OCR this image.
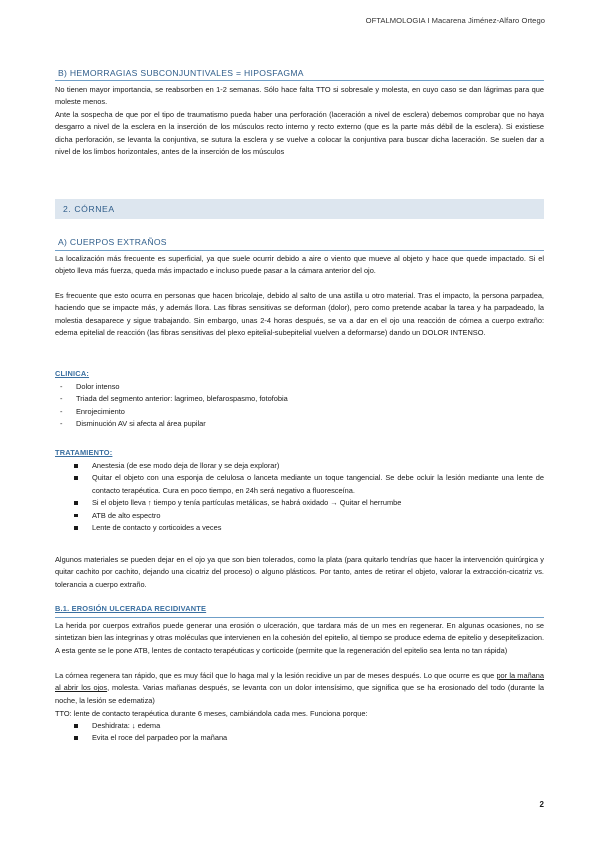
OFTALMOLOGIA I Macarena Jiménez-Alfaro Ortego
B) HEMORRAGIAS SUBCONJUNTIVALES = HIPOSFAGMA
No tienen mayor importancia, se reabsorben en 1-2 semanas. Sólo hace falta TTO si sobresale y molesta, en cuyo caso se dan lágrimas para que moleste menos.
Ante la sospecha de que por el tipo de traumatismo pueda haber una perforación (laceración a nivel de esclera) debemos comprobar que no haya desgarro a nivel de la esclera en la inserción de los músculos recto interno y recto externo (que es la parte más débil de la esclera). Si existiese dicha perforación, se levanta la conjuntiva, se sutura la esclera y se vuelve a colocar la conjuntiva para buscar dicha laceración. Se suelen dar a nivel de los limbos horizontales, antes de la inserción de los músculos
2. CÓRNEA
A) CUERPOS EXTRAÑOS
La localización más frecuente es superficial, ya que suele ocurrir debido a aire o viento que mueve al objeto y hace que quede impactado. Si el objeto lleva más fuerza, queda más impactado e incluso puede pasar a la cámara anterior del ojo.
Es frecuente que esto ocurra en personas que hacen bricolaje, debido al salto de una astilla u otro material. Tras el impacto, la persona parpadea, haciendo que se impacte más, y además llora. Las fibras sensitivas se deforman (dolor), pero como pretende acabar la tarea y ha parpadeado, la molestia desaparece y sigue trabajando. Sin embargo, unas 2-4 horas después, se va a dar en el ojo una reacción de córnea a cuerpo extraño: edema epitelial de reacción (las fibras sensitivas del plexo epitelial-subepitelial vuelven a deformarse) dando un DOLOR INTENSO.
CLINICA:
- Dolor intenso
- Triada del segmento anterior: lagrimeo, blefarospasmo, fotofobia
- Enrojecimiento
- Disminución AV si afecta al área pupilar
TRATAMIENTO:
Anestesia (de ese modo deja de llorar y se deja explorar)
Quitar el objeto con una esponja de celulosa o lanceta mediante un toque tangencial. Se debe ocluir la lesión mediante una lente de contacto terapéutica. Cura en poco tiempo, en 24h será negativo a fluoresceína.
Si el objeto lleva ↑ tiempo y tenía partículas metálicas, se habrá oxidado → Quitar el herrumbe
ATB de alto espectro
Lente de contacto y corticoides a veces
Algunos materiales se pueden dejar en el ojo ya que son bien tolerados, como la plata (para quitarlo tendrías que hacer la intervención quirúrgica y quitar cachito por cachito, dejando una cicatriz del proceso) o alguno plásticos. Por tanto, antes de retirar el objeto, valorar la extracción-cicatriz vs. tolerancia a cuerpo extraño.
B.1. EROSIÓN ULCERADA RECIDIVANTE
La herida por cuerpos extraños puede generar una erosión o ulceración, que tardara más de un mes en regenerar. En algunas ocasiones, no se sintetizan bien las integrinas y otras moléculas que intervienen en la cohesión del epitelio, al tiempo se produce edema de epitelio y desepitelizacion. A esta gente se le pone ATB, lentes de contacto terapéuticas y corticoide (permite que la regeneración del epitelio sea lenta no tan rápida)
La córnea regenera tan rápido, que es muy fácil que lo haga mal y la lesión recidive un par de meses después. Lo que ocurre es que por la mañana al abrir los ojos, molesta. Varias mañanas después, se levanta con un dolor intensísimo, que significa que se ha erosionado del todo (durante la noche, la lesión se edematiza)
TTO: lente de contacto terapéutica durante 6 meses, cambiándola cada mes. Funciona porque:
Deshidrata: ↓ edema
Evita el roce del parpadeo por la mañana
2
